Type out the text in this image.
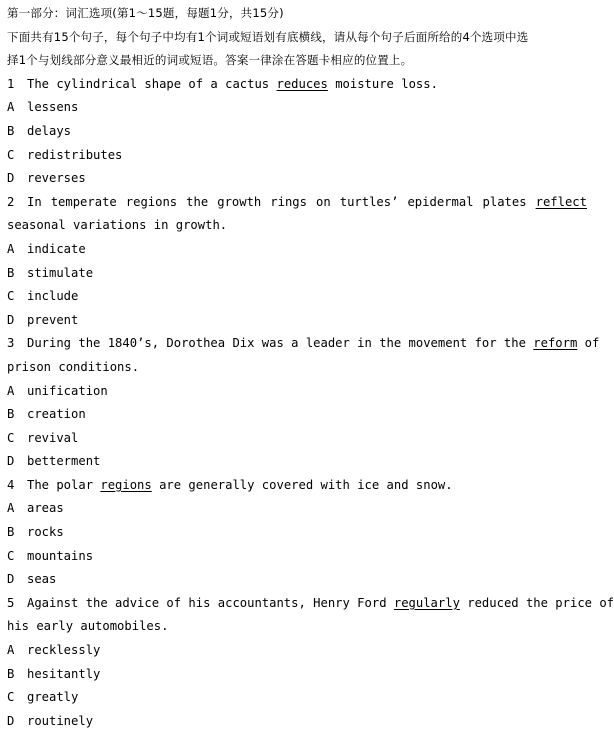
第一部分：词汇选项(第1～15题，每题1分，共15分)
下面共有15个句子，每个句子中均有1个词或短语划有底横线，请从每个句子后面所给的4个选项中选
择1个与划线部分意义最相近的词或短语。答案一律涂在答题卡相应的位置上。
1 The cylindrical shape of a cactus reduces moisture loss.
A lessens
B delays
C redistributes
D reverses
2 In temperate regions the growth rings on turtles’ epidermal plates reflect
seasonal variations in growth.
A indicate
B stimulate
C include
D prevent
3 During the 1840’s, Dorothea Dix was a leader in the movement for the reform of
prison conditions.
A unification
B creation
C revival
D betterment
4 The polar regions are generally covered with ice and snow.
A areas
B rocks
C mountains
D seas
5 Against the advice of his accountants, Henry Ford regularly reduced the price of
his early automobiles.
A recklessly
B hesitantly
C greatly
D routinely
